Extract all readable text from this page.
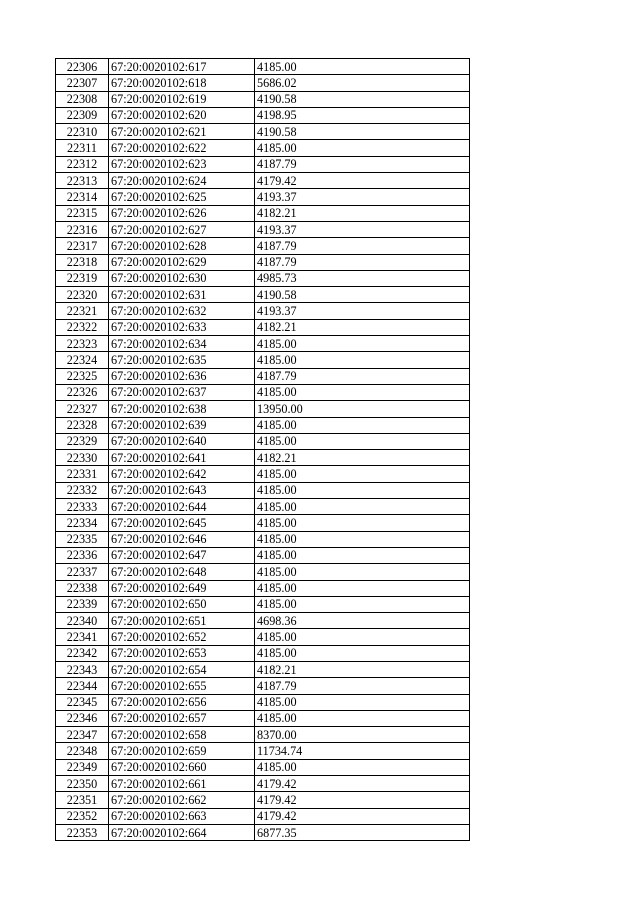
22306	67:20:0020102:617	4185.00
22307	67:20:0020102:618	5686.02
22308	67:20:0020102:619	4190.58
22309	67:20:0020102:620	4198.95
22310	67:20:0020102:621	4190.58
22311	67:20:0020102:622	4185.00
22312	67:20:0020102:623	4187.79
22313	67:20:0020102:624	4179.42
22314	67:20:0020102:625	4193.37
22315	67:20:0020102:626	4182.21
22316	67:20:0020102:627	4193.37
22317	67:20:0020102:628	4187.79
22318	67:20:0020102:629	4187.79
22319	67:20:0020102:630	4985.73
22320	67:20:0020102:631	4190.58
22321	67:20:0020102:632	4193.37
22322	67:20:0020102:633	4182.21
22323	67:20:0020102:634	4185.00
22324	67:20:0020102:635	4185.00
22325	67:20:0020102:636	4187.79
22326	67:20:0020102:637	4185.00
22327	67:20:0020102:638	13950.00
22328	67:20:0020102:639	4185.00
22329	67:20:0020102:640	4185.00
22330	67:20:0020102:641	4182.21
22331	67:20:0020102:642	4185.00
22332	67:20:0020102:643	4185.00
22333	67:20:0020102:644	4185.00
22334	67:20:0020102:645	4185.00
22335	67:20:0020102:646	4185.00
22336	67:20:0020102:647	4185.00
22337	67:20:0020102:648	4185.00
22338	67:20:0020102:649	4185.00
22339	67:20:0020102:650	4185.00
22340	67:20:0020102:651	4698.36
22341	67:20:0020102:652	4185.00
22342	67:20:0020102:653	4185.00
22343	67:20:0020102:654	4182.21
22344	67:20:0020102:655	4187.79
22345	67:20:0020102:656	4185.00
22346	67:20:0020102:657	4185.00
22347	67:20:0020102:658	8370.00
22348	67:20:0020102:659	11734.74
22349	67:20:0020102:660	4185.00
22350	67:20:0020102:661	4179.42
22351	67:20:0020102:662	4179.42
22352	67:20:0020102:663	4179.42
22353	67:20:0020102:664	6877.35
